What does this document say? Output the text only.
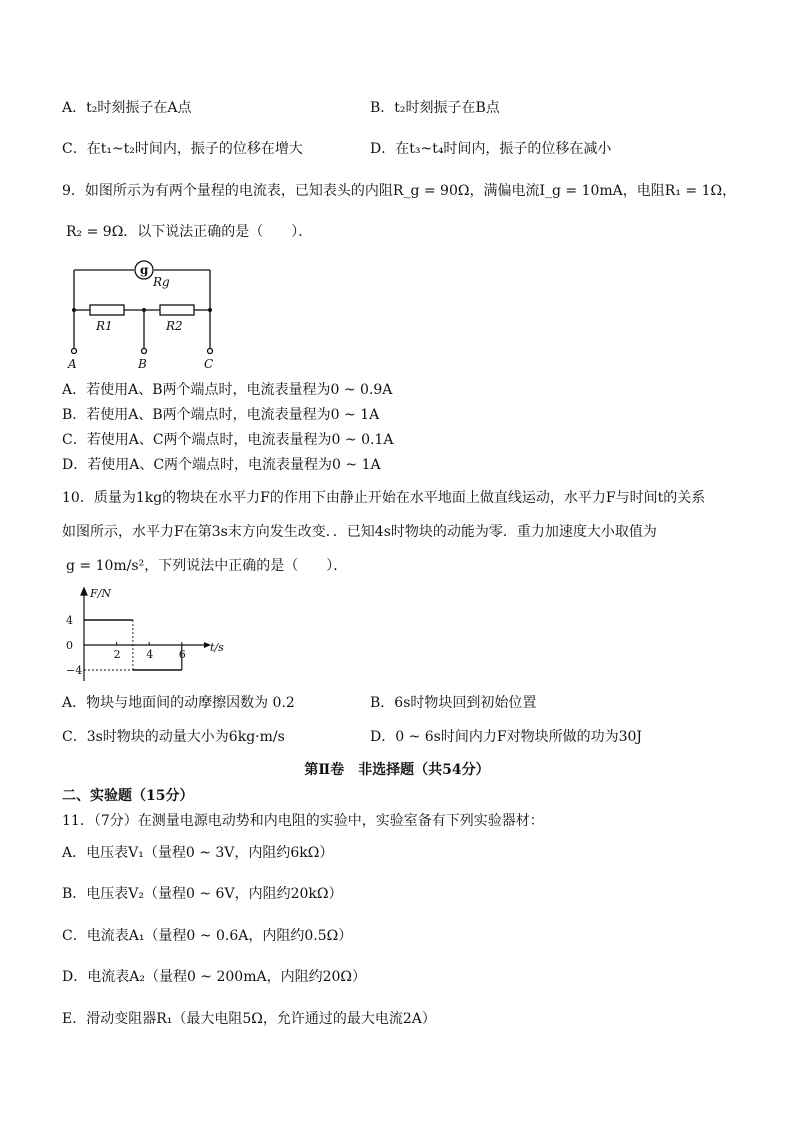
A．t₂时刻振子在A点	B．t₂时刻振子在B点
C．在t₁~t₂时间内，振子的位移在增大	D．在t₃~t₄时间内，振子的位移在减小
9．如图所示为有两个量程的电流表，已知表头的内阻R_g = 90Ω，满偏电流I_g = 10mA，电阻R₁ = 1Ω，
R₂ = 9Ω．以下说法正确的是（　　）．
g
Rg
R1	R2
A	B	C
A．若使用A、B两个端点时，电流表量程为0 ~ 0.9A
B．若使用A、B两个端点时，电流表量程为0 ~ 1A
C．若使用A、C两个端点时，电流表量程为0 ~ 0.1A
D．若使用A、C两个端点时，电流表量程为0 ~ 1A
10．质量为1kg的物块在水平力F的作用下由静止开始在水平地面上做直线运动，水平力F与时间t的关系
如图所示，水平力F在第3s末方向发生改变．．已知4s时物块的动能为零．重力加速度大小取值为
g = 10m/s²，下列说法中正确的是（　　）．
4
0
−4
2 4 6
F/N
t/s
A．物块与地面间的动摩擦因数为 0.2	B．6s时物块回到初始位置
C．3s时物块的动量大小为6kg·m/s	D．0 ~ 6s时间内力F对物块所做的功为30J
第Ⅱ卷　非选择题（共54分）
二、实验题（15分）
11．（7分）在测量电源电动势和内电阻的实验中，实验室备有下列实验器材：
A．电压表V₁（量程0 ~ 3V，内阻约6kΩ）
B．电压表V₂（量程0 ~ 6V，内阻约20kΩ）
C．电流表A₁（量程0 ~ 0.6A，内阻约0.5Ω）
D．电流表A₂（量程0 ~ 200mA，内阻约20Ω）
E．滑动变阻器R₁（最大电阻5Ω，允许通过的最大电流2A）
